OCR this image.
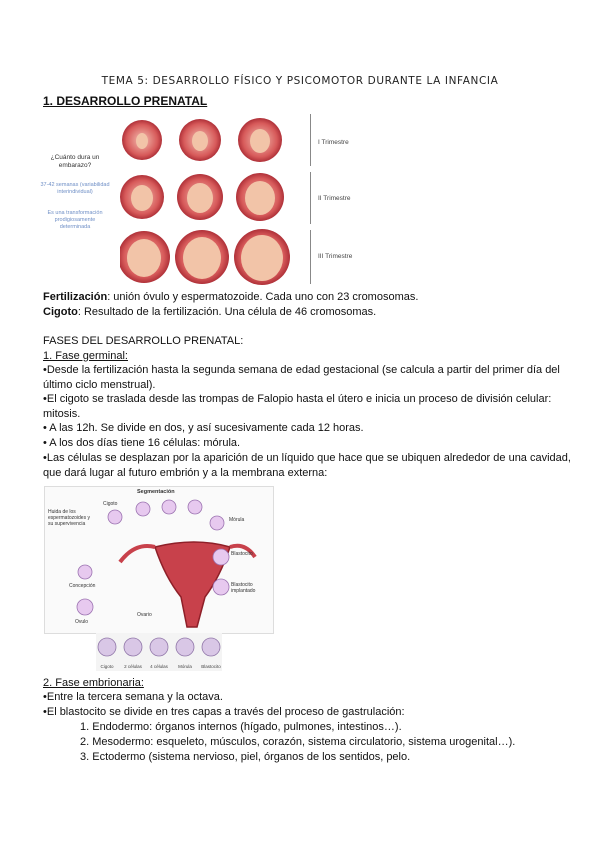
TEMA 5: DESARROLLO FÍSICO Y PSICOMOTOR DURANTE LA INFANCIA
1. DESARROLLO PRENATAL
¿Cuánto dura un embarazo?
37-42 semanas (variabilidad interindividual)
Es una transformación prodigiosamente determinada
I Trimestre
II Trimestre
III Trimestre

Fertilización: unión óvulo y espermatozoide. Cada uno con 23 cromosomas.

Cigoto: Resultado de la fertilización. Una célula de 46 cromosomas.

FASES DEL DESARROLLO PRENATAL:

1. Fase germinal:

•Desde la fertilización hasta la segunda semana de edad gestacional (se calcula a partir del primer día del último ciclo menstrual).

•El cigoto se traslada desde las trompas de Falopio hasta el útero e inicia un proceso de división celular: mitosis.

• A las 12h. Se divide en dos, y así sucesivamente cada 12 horas.

• A los dos días tiene 16 células: mórula.

•Las células se desplazan por la aparición de un líquido que hace que se ubiquen alrededor de una cavidad, que dará lugar al futuro embrión y a la membrana externa:

Segmentación
Cigoto
Mórula
Blastocito
Blastocito implantado
Ovario
Concepción
Ovulo
Huida de los espermatozoides y su supervivencia
Cigoto	2 células	4 células	Mórula	Blastocito

2. Fase embrionaria:

•Entre la tercera semana y la octava.

•El blastocito se divide en tres capas a través del proceso de gastrulación:

1. Endodermo: órganos internos (hígado, pulmones, intestinos…).

2. Mesodermo: esqueleto, músculos, corazón, sistema circulatorio, sistema urogenital…).

3. Ectodermo (sistema nervioso, piel, órganos de los sentidos, pelo.
